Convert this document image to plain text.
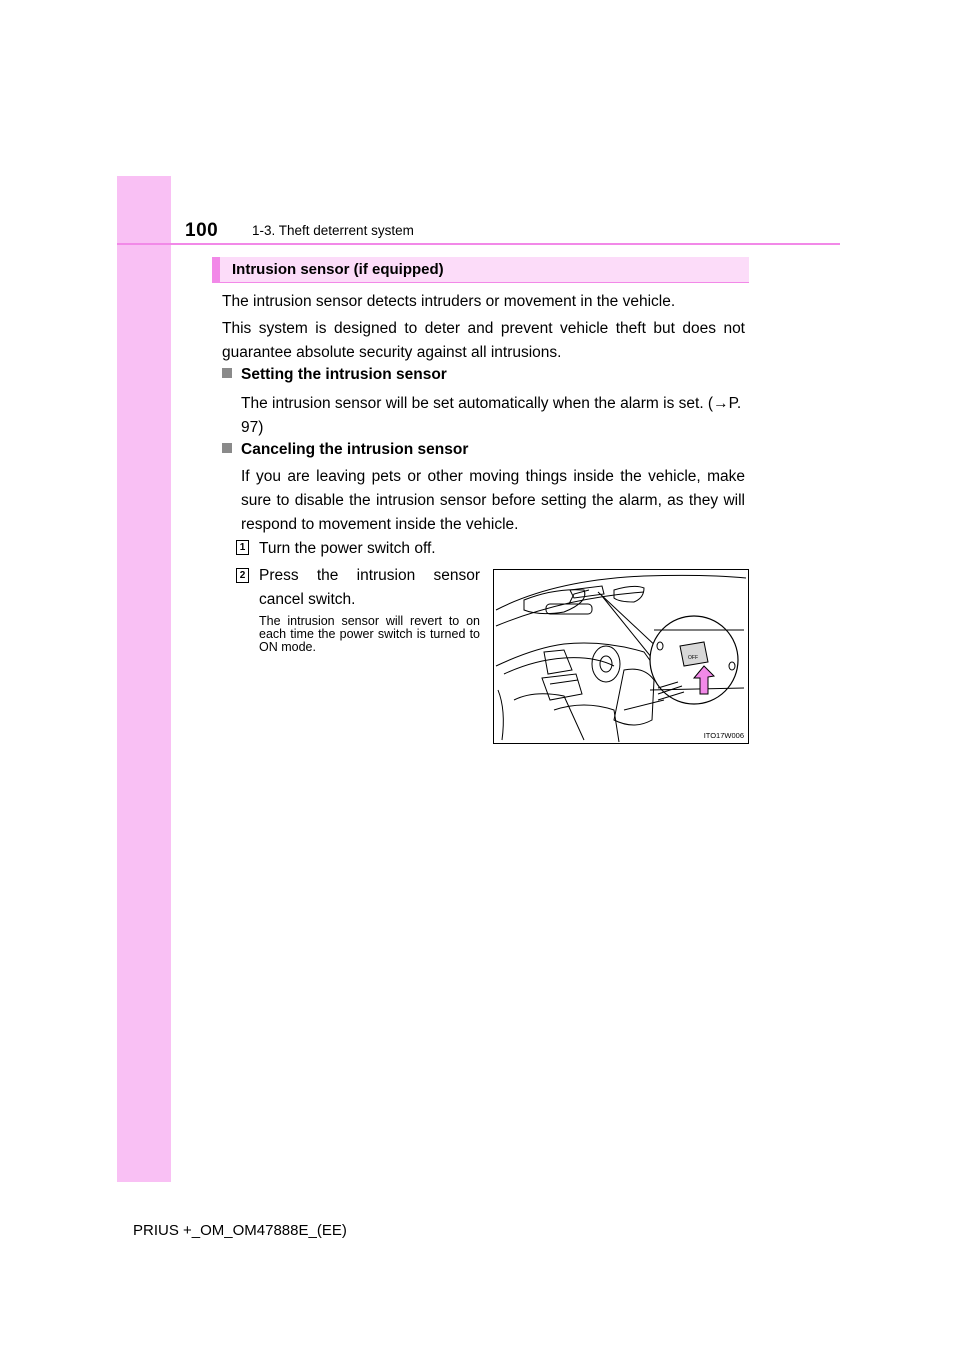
100	1-3. Theft deterrent system
Intrusion sensor (if equipped)
The intrusion sensor detects intruders or movement in the vehicle.
This system is designed to deter and prevent vehicle theft but does not guarantee absolute security against all intrusions.
Setting the intrusion sensor
The intrusion sensor will be set automatically when the alarm is set. (→P. 97)
Canceling the intrusion sensor
If you are leaving pets or other moving things inside the vehicle, make sure to disable the intrusion sensor before setting the alarm, as they will respond to movement inside the vehicle.
1 Turn the power switch off.
2 Press the intrusion sensor cancel switch.
The intrusion sensor will revert to on each time the power switch is turned to ON mode.
OFF
ITO17W006
PRIUS +_OM_OM47888E_(EE)
